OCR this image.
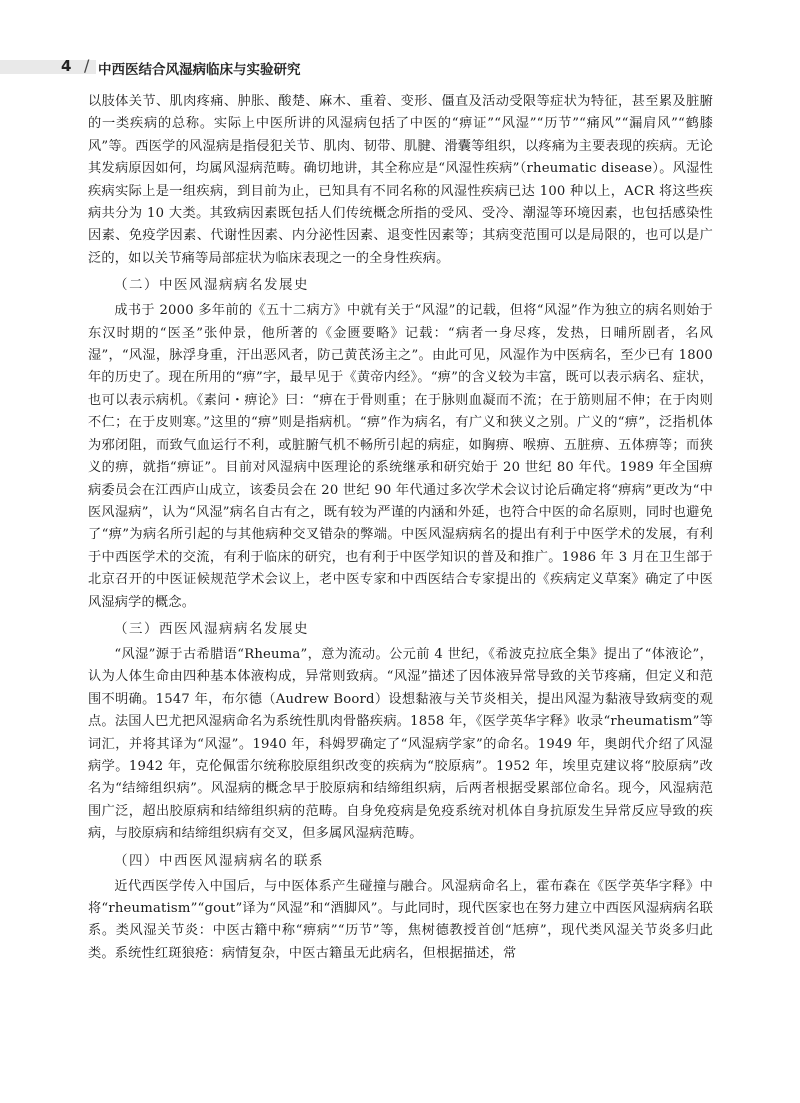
4 / 中西医结合风湿病临床与实验研究

以肢体关节、肌肉疼痛、肿胀、酸楚、麻木、重着、变形、僵直及活动受限等症状为特征，甚至累及脏腑的一类疾病的总称。实际上中医所讲的风湿病包括了中医的“痹证”“风湿”“历节”“痛风”“漏肩风”“鹤膝风”等。西医学的风湿病是指侵犯关节、肌肉、韧带、肌腱、滑囊等组织，以疼痛为主要表现的疾病。无论其发病原因如何，均属风湿病范畴。确切地讲，其全称应是“风湿性疾病”（rheumatic disease）。风湿性疾病实际上是一组疾病，到目前为止，已知具有不同名称的风湿性疾病已达 100 种以上，ACR 将这些疾病共分为 10 大类。其致病因素既包括人们传统概念所指的受风、受冷、潮湿等环境因素，也包括感染性因素、免疫学因素、代谢性因素、内分泌性因素、退变性因素等；其病变范围可以是局限的，也可以是广泛的，如以关节痛等局部症状为临床表现之一的全身性疾病。

（二）中医风湿病病名发展史

成书于 2000 多年前的《五十二病方》中就有关于“风湿”的记载，但将“风湿”作为独立的病名则始于东汉时期的“医圣”张仲景，他所著的《金匮要略》记载：“病者一身尽疼，发热，日晡所剧者，名风湿”，“风湿，脉浮身重，汗出恶风者，防己黄芪汤主之”。由此可见，风湿作为中医病名，至少已有 1800 年的历史了。现在所用的“痹”字，最早见于《黄帝内经》。“痹”的含义较为丰富，既可以表示病名、症状，也可以表示病机。《素问・痹论》曰：“痹在于骨则重；在于脉则血凝而不流；在于筋则屈不伸；在于肉则不仁；在于皮则寒。”这里的“痹”则是指病机。“痹”作为病名，有广义和狭义之别。广义的“痹”，泛指机体为邪闭阻，而致气血运行不利，或脏腑气机不畅所引起的病症，如胸痹、喉痹、五脏痹、五体痹等；而狭义的痹，就指“痹证”。目前对风湿病中医理论的系统继承和研究始于 20 世纪 80 年代。1989 年全国痹病委员会在江西庐山成立，该委员会在 20 世纪 90 年代通过多次学术会议讨论后确定将“痹病”更改为“中医风湿病”，认为“风湿”病名自古有之，既有较为严谨的内涵和外延，也符合中医的命名原则，同时也避免了“痹”为病名所引起的与其他病种交叉错杂的弊端。中医风湿病病名的提出有利于中医学术的发展，有利于中西医学术的交流，有利于临床的研究，也有利于中医学知识的普及和推广。1986 年 3 月在卫生部于北京召开的中医证候规范学术会议上，老中医专家和中西医结合专家提出的《疾病定义草案》确定了中医风湿病学的概念。

（三）西医风湿病病名发展史

“风湿”源于古希腊语“Rheuma”，意为流动。公元前 4 世纪，《希波克拉底全集》提出了“体液论”，认为人体生命由四种基本体液构成，异常则致病。“风湿”描述了因体液异常导致的关节疼痛，但定义和范围不明确。1547 年，布尔德（Audrew Boord）设想黏液与关节炎相关，提出风湿为黏液导致病变的观点。法国人巴尤把风湿病命名为系统性肌肉骨骼疾病。1858 年，《医学英华字释》收录“rheumatism”等词汇，并将其译为“风湿”。1940 年，科姆罗确定了“风湿病学家”的命名。1949 年，奥朗代介绍了风湿病学。1942 年，克伦佩雷尔统称胶原组织改变的疾病为“胶原病”。1952 年，埃里克建议将“胶原病”改名为“结缔组织病”。风湿病的概念早于胶原病和结缔组织病，后两者根据受累部位命名。现今，风湿病范围广泛，超出胶原病和结缔组织病的范畴。自身免疫病是免疫系统对机体自身抗原发生异常反应导致的疾病，与胶原病和结缔组织病有交叉，但多属风湿病范畴。

（四）中西医风湿病病名的联系

近代西医学传入中国后，与中医体系产生碰撞与融合。风湿病命名上，霍布森在《医学英华字释》中将“rheumatism”“gout”译为“风湿”和“酒脚风”。与此同时，现代医家也在努力建立中西医风湿病病名联系。类风湿关节炎：中医古籍中称“痹病”“历节”等，焦树德教授首创“尪痹”，现代类风湿关节炎多归此类。系统性红斑狼疮：病情复杂，中医古籍虽无此病名，但根据描述，常
